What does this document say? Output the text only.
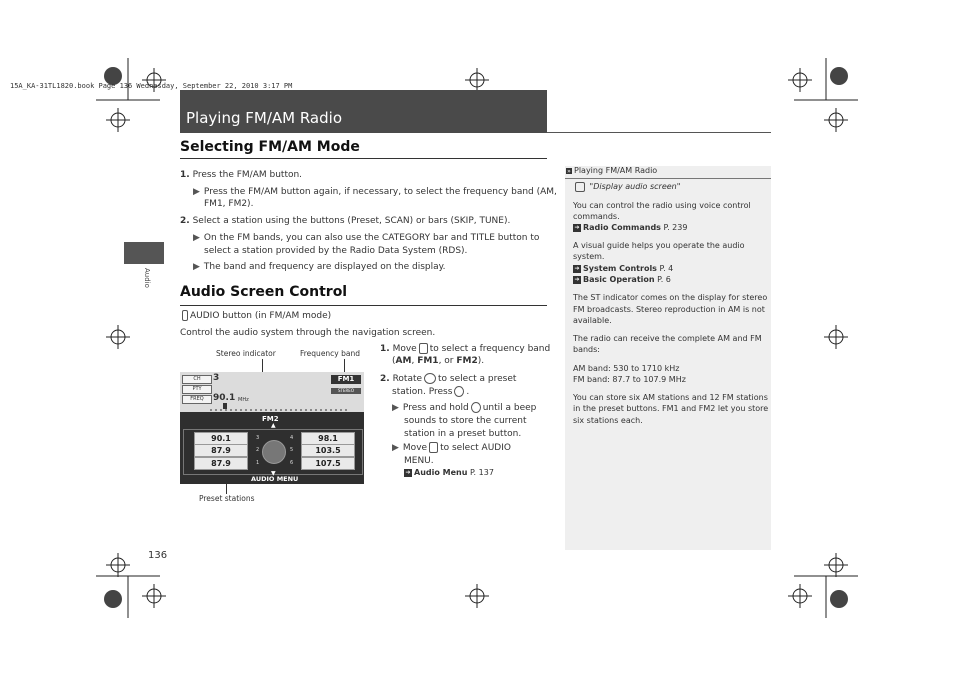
15A_KA-31TL1820.book Page 136 Wednesday, September 22, 2010 3:17 PM
Playing FM/AM Radio
Audio
Selecting FM/AM Mode
1. Press the FM/AM button.
▶ Press the FM/AM button again, if necessary, to select the frequency band (AM,
FM1, FM2).
2. Select a station using the buttons (Preset, SCAN) or bars (SKIP, TUNE).
▶ On the FM bands, you can also use the CATEGORY bar and TITLE button to
select a station provided by the Radio Data System (RDS).
▶ The band and frequency are displayed on the display.
Audio Screen Control
AUDIO button (in FM/AM mode)
Control the audio system through the navigation screen.
Stereo indicator	Frequency band
Preset stations
CH	3
PTY
FREQ	90.1 MHz
FM1
STEREO
FM2
▲
90.1
87.9
87.9
98.1
103.5
107.5
3
2
1
4
5
6
▼
AUDIO MENU
1. Move to select a frequency band
(AM, FM1, or FM2).
2. Rotate to select a preset
station. Press .
▶ Press and hold until a beep
sounds to store the current
station in a preset button.
▶ Move to select AUDIO
MENU.
➔ Audio Menu P. 137
» Playing FM/AM Radio
"Display audio screen"
You can control the radio using voice control
commands.
➔ Radio Commands P. 239
A visual guide helps you operate the audio
system.
➔ System Controls P. 4
➔ Basic Operation P. 6
The ST indicator comes on the display for stereo
FM broadcasts. Stereo reproduction in AM is not
available.
The radio can receive the complete AM and FM
bands:
AM band: 530 to 1710 kHz
FM band: 87.7 to 107.9 MHz
You can store six AM stations and 12 FM stations
in the preset buttons. FM1 and FM2 let you store
six stations each.
136
